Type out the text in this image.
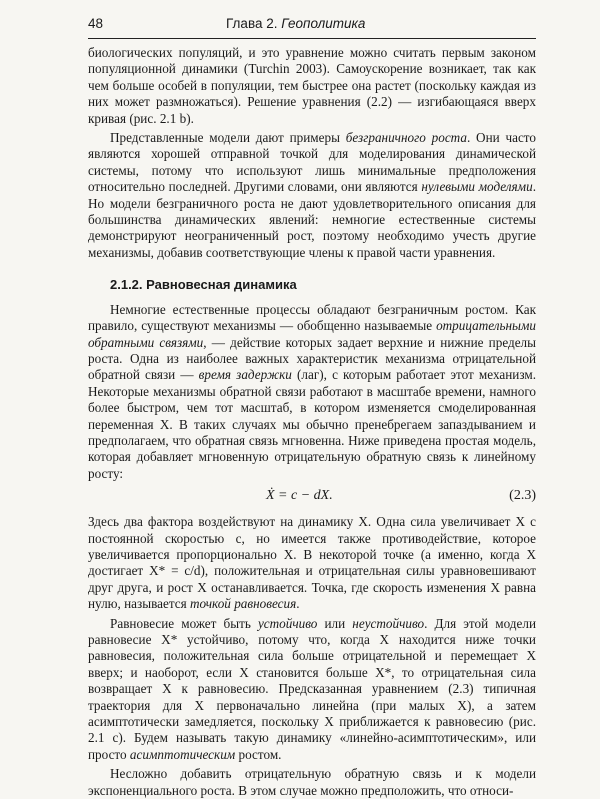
48	Глава 2. Геополитика

биологических популяций, и это уравнение можно считать первым законом популяционной динамики (Turchin 2003). Самоускорение возникает, так как чем больше особей в популяции, тем быстрее она растет (поскольку каждая из них может размножаться). Решение уравнения (2.2) — изгибающаяся вверх кривая (рис. 2.1 b).

Представленные модели дают примеры безграничного роста. Они часто являются хорошей отправной точкой для моделирования динамической системы, потому что используют лишь минимальные предположения относительно последней. Другими словами, они являются нулевыми моделями. Но модели безграничного роста не дают удовлетворительного описания для большинства динамических явлений: немногие естественные системы демонстрируют неограниченный рост, поэтому необходимо учесть другие механизмы, добавив соответствующие члены к правой части уравнения.

2.1.2. Равновесная динамика

Немногие естественные процессы обладают безграничным ростом. Как правило, существуют механизмы — обобщенно называемые отрицательными обратными связями, — действие которых задает верхние и нижние пределы роста. Одна из наиболее важных характеристик механизма отрицательной обратной связи — время задержки (лаг), с которым работает этот механизм. Некоторые механизмы обратной связи работают в масштабе времени, намного более быстром, чем тот масштаб, в котором изменяется смоделированная переменная X. В таких случаях мы обычно пренебрегаем запаздыванием и предполагаем, что обратная связь мгновенна. Ниже приведена простая модель, которая добавляет мгновенную отрицательную обратную связь к линейному росту:

Ẋ = c − dX.	(2.3)

Здесь два фактора воздействуют на динамику X. Одна сила увеличивает X с постоянной скоростью c, но имеется также противодействие, которое увеличивается пропорционально X. В некоторой точке (а именно, когда X достигает X* = c/d), положительная и отрицательная силы уравновешивают друг друга, и рост X останавливается. Точка, где скорость изменения X равна нулю, называется точкой равновесия.

Равновесие может быть устойчиво или неустойчиво. Для этой модели равновесие X* устойчиво, потому что, когда X находится ниже точки равновесия, положительная сила больше отрицательной и перемещает X вверх; и наоборот, если X становится больше X*, то отрицательная сила возвращает X к равновесию. Предсказанная уравнением (2.3) типичная траектория для X первоначально линейна (при малых X), а затем асимптотически замедляется, поскольку X приближается к равновесию (рис. 2.1 c). Будем называть такую динамику «линейно-асимптотическим», или просто асимптотическим ростом.

Несложно добавить отрицательную обратную связь и к модели экспоненциального роста. В этом случае можно предположить, что относи-
